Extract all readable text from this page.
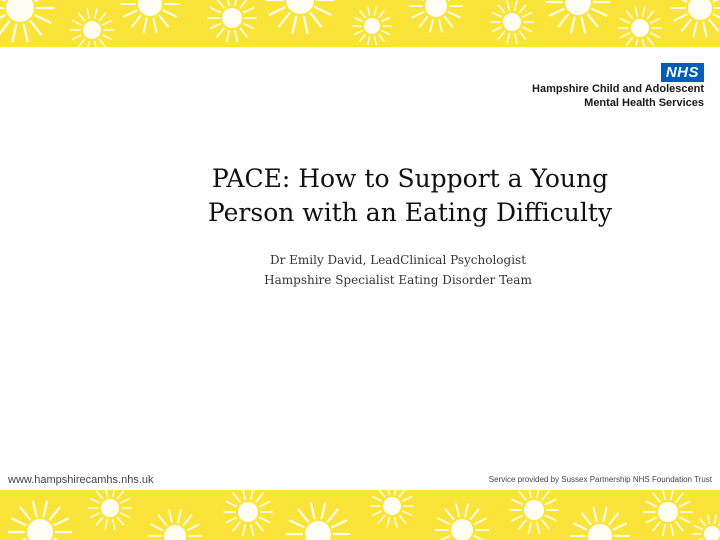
NHS
Hampshire Child and Adolescent
Mental Health Services
PACE: How to Support a Young
Person with an Eating Difficulty
Dr Emily David, LeadClinical Psychologist
Hampshire Specialist Eating Disorder Team
www.hampshirecamhs.nhs.uk	Service provided by Sussex Partnership NHS Foundation Trust
